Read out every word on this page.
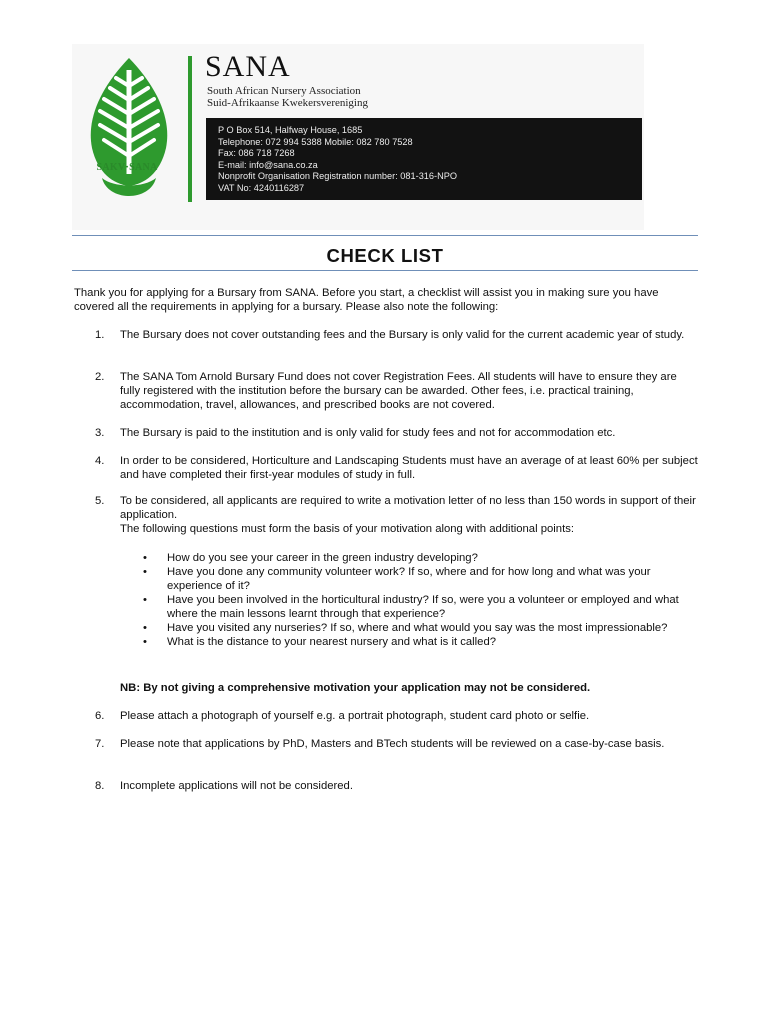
SAKV·SANA
SANA
South African Nursery Association
Suid-Afrikaanse Kwekersvereniging
P O Box 514, Halfway House, 1685
Telephone: 072 994 5388 Mobile: 082 780 7528
Fax: 086 718 7268
E-mail: info@sana.co.za
Nonprofit Organisation Registration number: 081-316-NPO
VAT No: 4240116287
CHECK LIST
Thank you for applying for a Bursary from SANA. Before you start, a checklist will assist you in making sure you have covered all the requirements in applying for a bursary. Please also note the following:
1.	The Bursary does not cover outstanding fees and the Bursary is only valid for the current academic year of study.
2.	The SANA Tom Arnold Bursary Fund does not cover Registration Fees. All students will have to ensure they are fully registered with the institution before the bursary can be awarded. Other fees, i.e. practical training, accommodation, travel, allowances, and prescribed books are not covered.
3.	The Bursary is paid to the institution and is only valid for study fees and not for accommodation etc.
4.	In order to be considered, Horticulture and Landscaping Students must have an average of at least 60% per subject and have completed their first-year modules of study in full.
5.	To be considered, all applicants are required to write a motivation letter of no less than 150 words in support of their application.
The following questions must form the basis of your motivation along with additional points:
• How do you see your career in the green industry developing?
• Have you done any community volunteer work? If so, where and for how long and what was your experience of it?
• Have you been involved in the horticultural industry? If so, were you a volunteer or employed and what where the main lessons learnt through that experience?
• Have you visited any nurseries? If so, where and what would you say was the most impressionable?
• What is the distance to your nearest nursery and what is it called?
NB: By not giving a comprehensive motivation your application may not be considered.
6.	Please attach a photograph of yourself e.g. a portrait photograph, student card photo or selfie.
7.	Please note that applications by PhD, Masters and BTech students will be reviewed on a case-by-case basis.
8.	Incomplete applications will not be considered.
